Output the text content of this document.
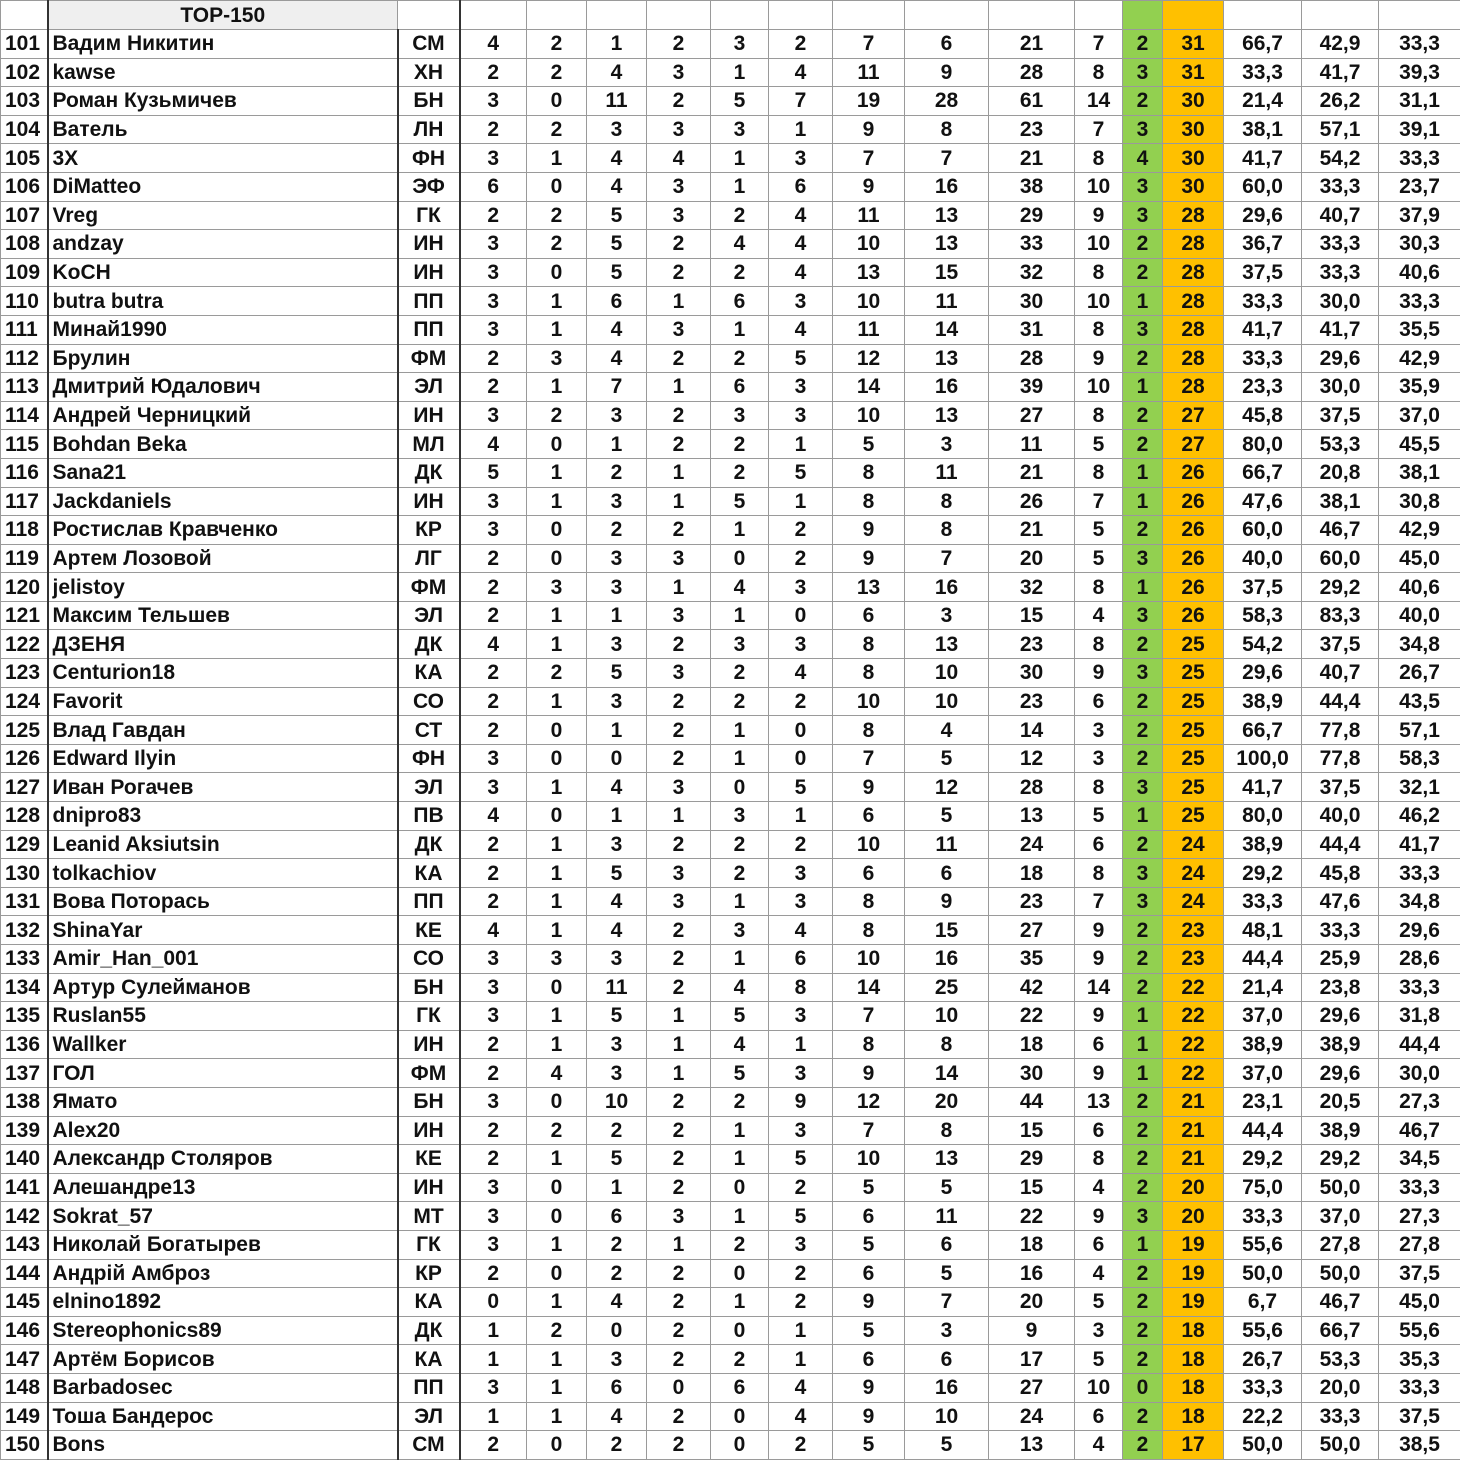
	TOP-150																
101	Вадим Никитин	СМ	4	2	1	2	3	2	7	6	21	7	2	31	66,7	42,9	33,3
102	kawse	ХН	2	2	4	3	1	4	11	9	28	8	3	31	33,3	41,7	39,3
103	Роман Кузьмичев	БН	3	0	11	2	5	7	19	28	61	14	2	30	21,4	26,2	31,1
104	Ватель	ЛН	2	2	3	3	3	1	9	8	23	7	3	30	38,1	57,1	39,1
105	3X	ФН	3	1	4	4	1	3	7	7	21	8	4	30	41,7	54,2	33,3
106	DiMatteo	ЭФ	6	0	4	3	1	6	9	16	38	10	3	30	60,0	33,3	23,7
107	Vreg	ГК	2	2	5	3	2	4	11	13	29	9	3	28	29,6	40,7	37,9
108	andzay	ИН	3	2	5	2	4	4	10	13	33	10	2	28	36,7	33,3	30,3
109	KoCH	ИН	3	0	5	2	2	4	13	15	32	8	2	28	37,5	33,3	40,6
110	butra butra	ПП	3	1	6	1	6	3	10	11	30	10	1	28	33,3	30,0	33,3
111	Минай1990	ПП	3	1	4	3	1	4	11	14	31	8	3	28	41,7	41,7	35,5
112	Брулин	ФМ	2	3	4	2	2	5	12	13	28	9	2	28	33,3	29,6	42,9
113	Дмитрий Юдалович	ЭЛ	2	1	7	1	6	3	14	16	39	10	1	28	23,3	30,0	35,9
114	Андрей Черницкий	ИН	3	2	3	2	3	3	10	13	27	8	2	27	45,8	37,5	37,0
115	Bohdan Beka	МЛ	4	0	1	2	2	1	5	3	11	5	2	27	80,0	53,3	45,5
116	Sana21	ДК	5	1	2	1	2	5	8	11	21	8	1	26	66,7	20,8	38,1
117	Jackdaniels	ИН	3	1	3	1	5	1	8	8	26	7	1	26	47,6	38,1	30,8
118	Ростислав Кравченко	КР	3	0	2	2	1	2	9	8	21	5	2	26	60,0	46,7	42,9
119	Артем Лозовой	ЛГ	2	0	3	3	0	2	9	7	20	5	3	26	40,0	60,0	45,0
120	jelistoy	ФМ	2	3	3	1	4	3	13	16	32	8	1	26	37,5	29,2	40,6
121	Максим Тельшев	ЭЛ	2	1	1	3	1	0	6	3	15	4	3	26	58,3	83,3	40,0
122	ДЗЕНЯ	ДК	4	1	3	2	3	3	8	13	23	8	2	25	54,2	37,5	34,8
123	Centurion18	КА	2	2	5	3	2	4	8	10	30	9	3	25	29,6	40,7	26,7
124	Favorit	СО	2	1	3	2	2	2	10	10	23	6	2	25	38,9	44,4	43,5
125	Влад Гавдан	СТ	2	0	1	2	1	0	8	4	14	3	2	25	66,7	77,8	57,1
126	Edward Ilyin	ФН	3	0	0	2	1	0	7	5	12	3	2	25	100,0	77,8	58,3
127	Иван Рогачев	ЭЛ	3	1	4	3	0	5	9	12	28	8	3	25	41,7	37,5	32,1
128	dnipro83	ПВ	4	0	1	1	3	1	6	5	13	5	1	25	80,0	40,0	46,2
129	Leanid Aksiutsin	ДК	2	1	3	2	2	2	10	11	24	6	2	24	38,9	44,4	41,7
130	tolkachiov	КА	2	1	5	3	2	3	6	6	18	8	3	24	29,2	45,8	33,3
131	Вова Поторась	ПП	2	1	4	3	1	3	8	9	23	7	3	24	33,3	47,6	34,8
132	ShinaYar	КЕ	4	1	4	2	3	4	8	15	27	9	2	23	48,1	33,3	29,6
133	Amir_Han_001	СО	3	3	3	2	1	6	10	16	35	9	2	23	44,4	25,9	28,6
134	Артур Сулейманов	БН	3	0	11	2	4	8	14	25	42	14	2	22	21,4	23,8	33,3
135	Ruslan55	ГК	3	1	5	1	5	3	7	10	22	9	1	22	37,0	29,6	31,8
136	Wallker	ИН	2	1	3	1	4	1	8	8	18	6	1	22	38,9	38,9	44,4
137	ГОЛ	ФМ	2	4	3	1	5	3	9	14	30	9	1	22	37,0	29,6	30,0
138	Ямато	БН	3	0	10	2	2	9	12	20	44	13	2	21	23,1	20,5	27,3
139	Alex20	ИН	2	2	2	2	1	3	7	8	15	6	2	21	44,4	38,9	46,7
140	Александр Столяров	КЕ	2	1	5	2	1	5	10	13	29	8	2	21	29,2	29,2	34,5
141	Алешандре13	ИН	3	0	1	2	0	2	5	5	15	4	2	20	75,0	50,0	33,3
142	Sokrat_57	МТ	3	0	6	3	1	5	6	11	22	9	3	20	33,3	37,0	27,3
143	Николай Богатырев	ГК	3	1	2	1	2	3	5	6	18	6	1	19	55,6	27,8	27,8
144	Андрій Амброз	КР	2	0	2	2	0	2	6	5	16	4	2	19	50,0	50,0	37,5
145	elnino1892	КА	0	1	4	2	1	2	9	7	20	5	2	19	6,7	46,7	45,0
146	Stereophonics89	ДК	1	2	0	2	0	1	5	3	9	3	2	18	55,6	66,7	55,6
147	Артём Борисов	КА	1	1	3	2	2	1	6	6	17	5	2	18	26,7	53,3	35,3
148	Barbadosec	ПП	3	1	6	0	6	4	9	16	27	10	0	18	33,3	20,0	33,3
149	Тоша Бандерос	ЭЛ	1	1	4	2	0	4	9	10	24	6	2	18	22,2	33,3	37,5
150	Bons	СМ	2	0	2	2	0	2	5	5	13	4	2	17	50,0	50,0	38,5
